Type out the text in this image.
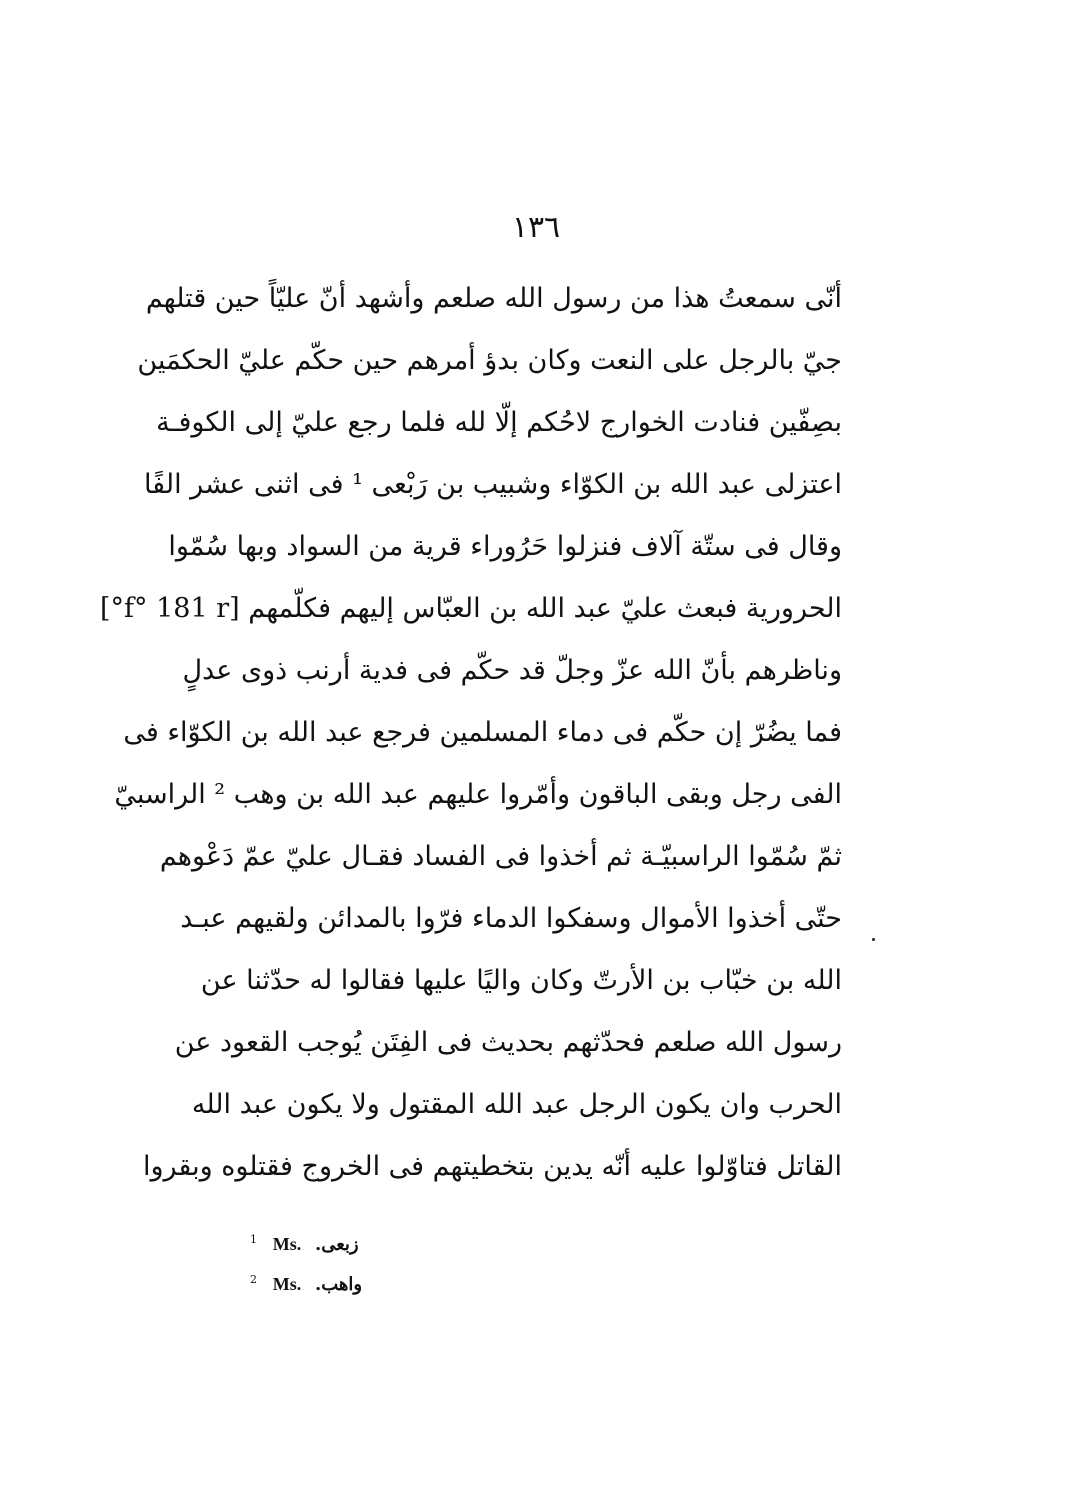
١٣٦
أنّى سمعتُ هذا من رسول الله صلعم وأشهد أنّ عليّاً حين قتلهم
جيّ بالرجل على النعت وكان بدؤ أمرهم حين حكّم عليّ الحكمَين
بصِفّين فنادت الخوارج لاحُكم إلّا لله فلما رجع عليّ إلى الكوفـة
اعتزلى عبد الله بن الكوّاء وشبيب بن رَبْعى ¹ فى اثنى عشر الفًا
وقال فى ستّة آلاف فنزلوا حَرُوراء قرية من السواد وبها سُمّوا
الحرورية فبعث عليّ عبد الله بن العبّاس إليهم فكلّمهم [f° 181 r°]
وناظرهم بأنّ الله عزّ وجلّ قد حكّم فى فدية أرنب ذوى عدلٍ
فما يضُرّ إن حكّم فى دماء المسلمين فرجع عبد الله بن الكوّاء فى
الفى رجل وبقى الباقون وأمّروا عليهم عبد الله بن وهب ² الراسبيّ
ثمّ سُمّوا الراسبيّـة ثم أخذوا فى الفساد فقـال عليّ عمّ دَعْوهم
حتّى أخذوا الأموال وسفكوا الدماء فرّوا بالمدائن ولقيهم عبـد
الله بن خبّاب بن الأرتّ وكان واليًا عليها فقالوا له حدّثنا عن
رسول الله صلعم فحدّثهم بحديث فى الفِتَن يُوجب القعود عن
الحرب وان يكون الرجل عبد الله المقتول ولا يكون عبد الله
القاتل فتاوّلوا عليه أنّه يدين بتخطيتهم فى الخروج فقتلوه وبقروا
$^1$ Ms. زبعى.
$^2$ Ms. واهب.
